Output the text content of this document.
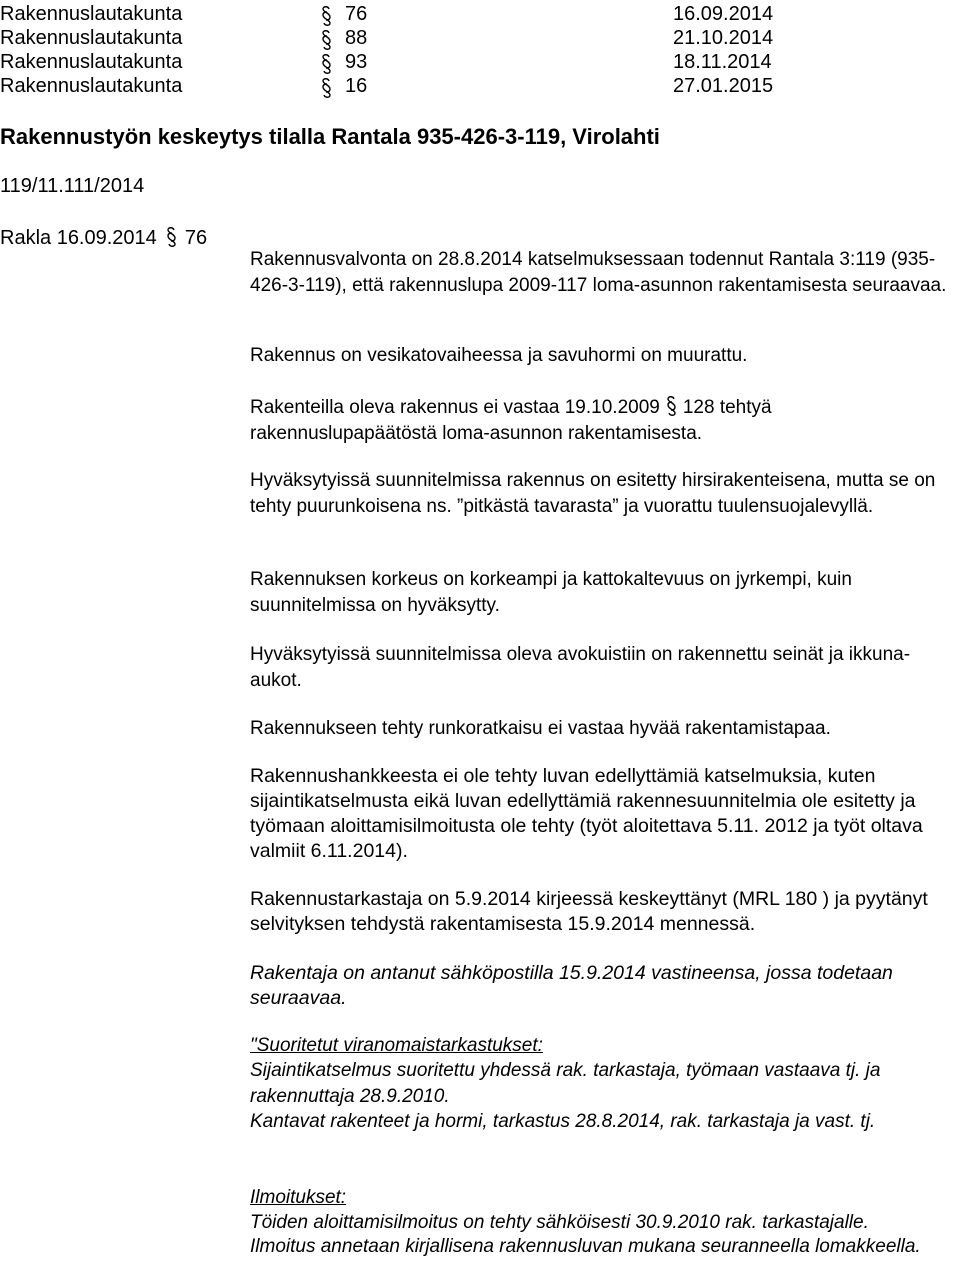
Rakennuslautakunta	76	16.09.2014
Rakennuslautakunta	88	21.10.2014
Rakennuslautakunta	93	18.11.2014
Rakennuslautakunta	16	27.01.2015
Rakennustyön keskeytys tilalla Rantala 935-426-3-119, Virolahti
119/11.111/2014
Rakla 16.09.2014 76
Rakennusvalvonta on 28.8.2014 katselmuksessaan todennut Rantala 3:119 (935-426-3-119), että rakennuslupa 2009-117 loma-asunnon rakentamisesta seuraavaa.
Rakennus on vesikatovaiheessa ja savuhormi on muurattu.
Rakenteilla oleva rakennus ei vastaa 19.10.2009 128 tehtyä rakennuslupapäätöstä loma-asunnon rakentamisesta.
Hyväksytyissä suunnitelmissa rakennus on esitetty hirsirakenteisena, mutta se on tehty puurunkoisena ns. ”pitkästä tavarasta” ja vuorattu tuulensuojalevyllä.
Rakennuksen korkeus on korkeampi ja kattokaltevuus on jyrkempi, kuin suunnitelmissa on hyväksytty.
Hyväksytyissä suunnitelmissa oleva avokuistiin on rakennettu seinät ja ikkuna-aukot.
Rakennukseen tehty runkoratkaisu ei vastaa hyvää rakentamistapaa.
Rakennushankkeesta ei ole tehty luvan edellyttämiä katselmuksia, kuten sijaintikatselmusta eikä luvan edellyttämiä rakennesuunnitelmia ole esitetty ja työmaan aloittamisilmoitusta ole tehty (työt aloitettava 5.11. 2012 ja työt oltava valmiit 6.11.2014).
Rakennustarkastaja on 5.9.2014 kirjeessä keskeyttänyt (MRL 180 ) ja pyytänyt selvityksen tehdystä rakentamisesta 15.9.2014 mennessä.
Rakentaja on antanut sähköpostilla 15.9.2014 vastineensa, jossa todetaan seuraavaa.
"Suoritetut viranomaistarkastukset:
Sijaintikatselmus suoritettu yhdessä rak. tarkastaja, työmaan vastaava tj. ja rakennuttaja 28.9.2010.
Kantavat rakenteet ja hormi, tarkastus 28.8.2014, rak. tarkastaja ja vast. tj.
Ilmoitukset:
Töiden aloittamisilmoitus on tehty sähköisesti 30.9.2010 rak. tarkastajalle.
Ilmoitus annetaan kirjallisena rakennusluvan mukana seuranneella lomakkeella.
